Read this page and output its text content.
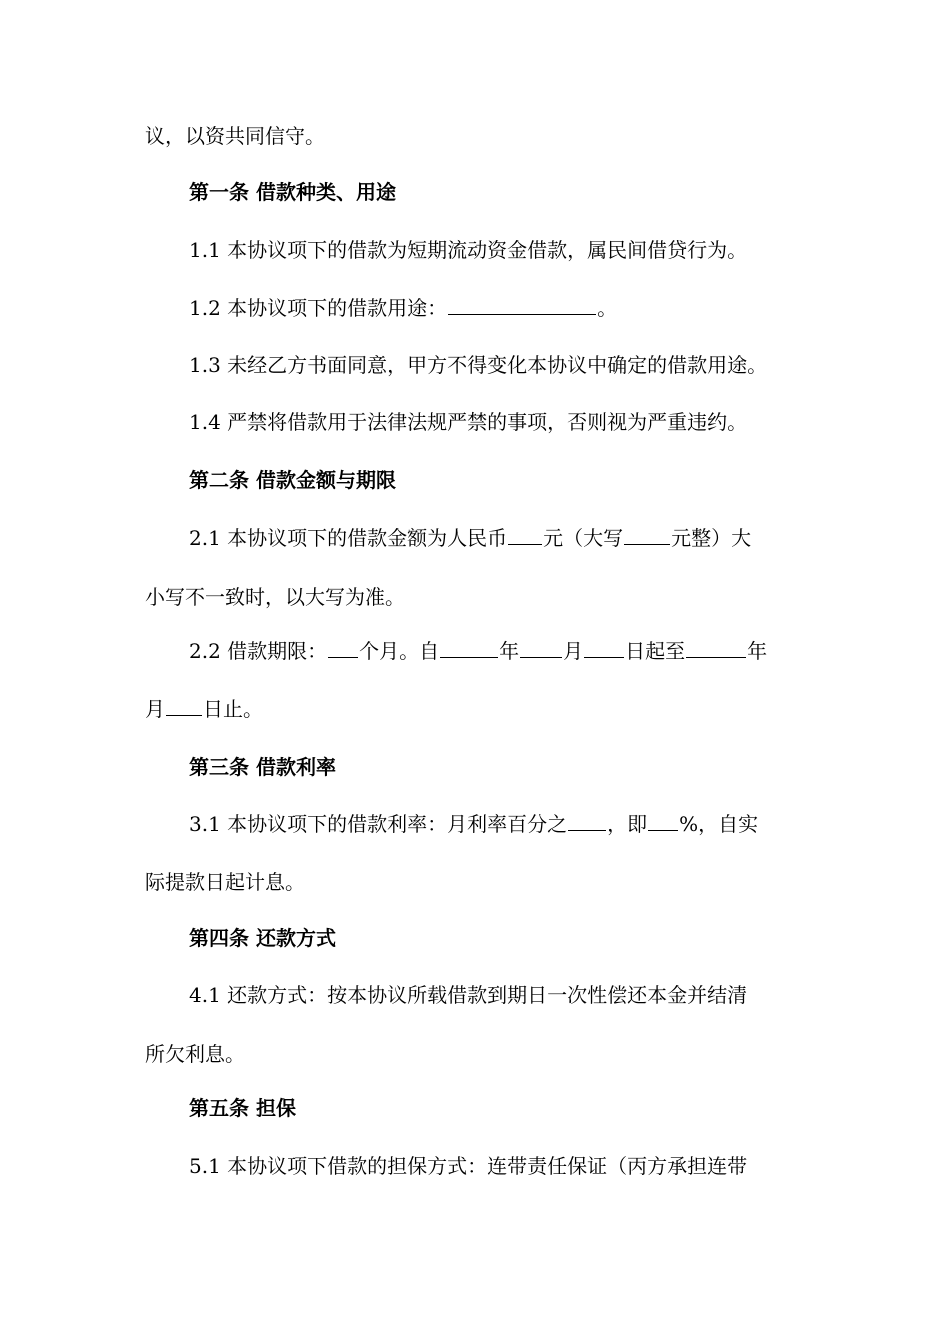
议，以资共同信守。

第一条 借款种类、用途

1.1 本协议项下的借款为短期流动资金借款，属民间借贷行为。

1.2 本协议项下的借款用途：	。

1.3 未经乙方书面同意，甲方不得变化本协议中确定的借款用途。

1.4 严禁将借款用于法律法规严禁的事项，否则视为严重违约。

第二条 借款金额与期限

2.1 本协议项下的借款金额为人民币 元（大写 元整）大

小写不一致时，以大写为准。

2.2 借款期限： 个月。自	年 月 日起至	年

月 日止。

第三条 借款利率

3.1 本协议项下的借款利率：月利率百分之 ，即 %，自实

际提款日起计息。

第四条 还款方式

4.1 还款方式：按本协议所载借款到期日一次性偿还本金并结清

所欠利息。

第五条 担保

5.1 本协议项下借款的担保方式：连带责任保证（丙方承担连带
